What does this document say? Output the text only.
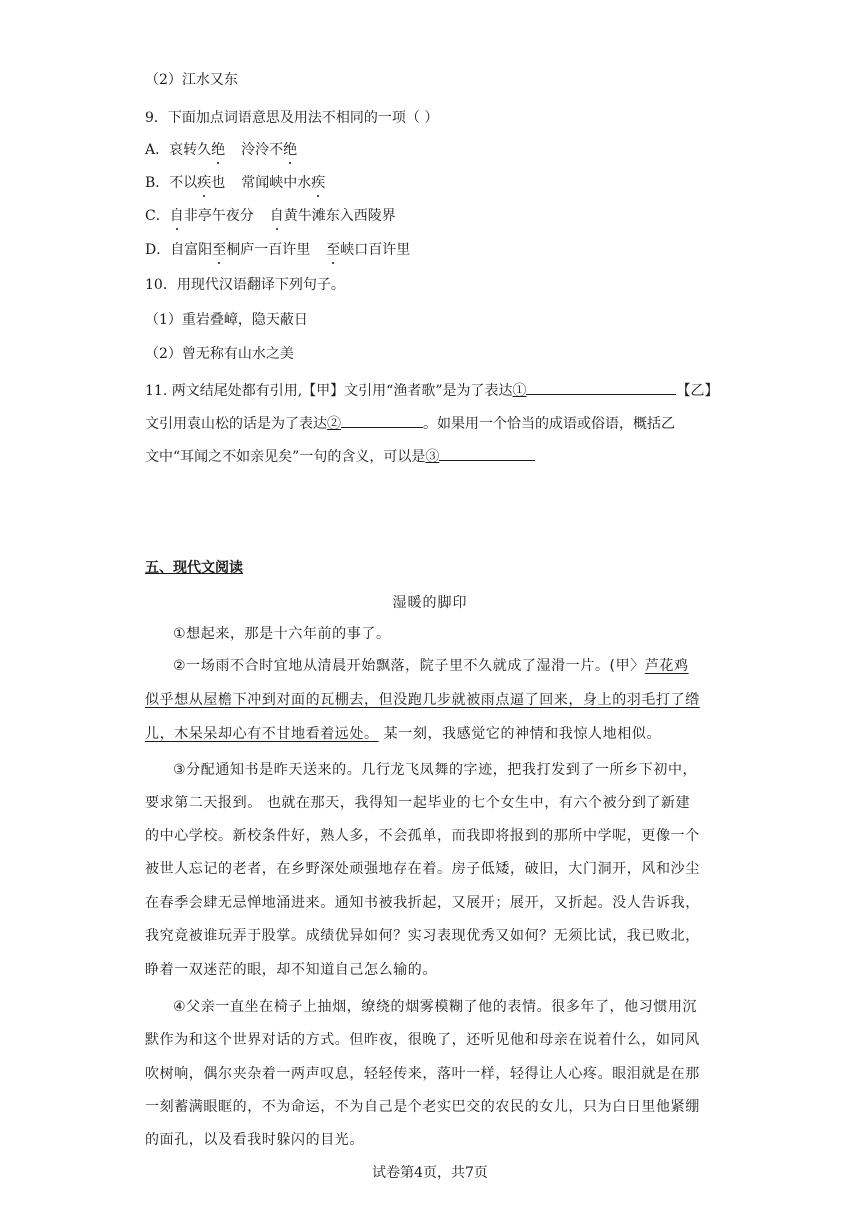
（2）江水又东
9．下面加点词语意思及用法不相同的一项（ ）
A．哀转久绝 泠泠不绝
B．不以疾也 常闻峡中水疾
C．自非亭午夜分 自黄牛滩东入西陵界
D．自富阳至桐庐一百许里 至峡口百许里
10．用现代汉语翻译下列句子。
（1）重岩叠嶂，隐天蔽日
（2）曾无称有山水之美
11. 两文结尾处都有引用,【甲】文引用“渔者歌”是为了表达①	【乙】
文引用袁山松的话是为了表达②	。如果用一个恰当的成语或俗语，概括乙
文中“耳闻之不如亲见矣”一句的含义，可以是③
五、现代文阅读
湿暖的脚印
①想起来，那是十六年前的事了。
②一场雨不合时宜地从清晨开始飘落，院子里不久就成了湿滑一片。(甲〉芦花鸡
似乎想从屋檐下冲到对面的瓦棚去，但没跑几步就被雨点逼了回来，身上的羽毛打了绺
儿，木呆呆却心有不甘地看着远处。 某一刻，我感觉它的神情和我惊人地相似。
③分配通知书是昨天送来的。几行龙飞凤舞的字迹，把我打发到了一所乡下初中，
要求第二天报到。 也就在那天，我得知一起毕业的七个女生中，有六个被分到了新建
的中心学校。新校条件好，熟人多，不会孤单，而我即将报到的那所中学呢，更像一个
被世人忘记的老者，在乡野深处顽强地存在着。房子低矮，破旧，大门洞开，风和沙尘
在春季会肆无忌惮地涌进来。通知书被我折起，又展开；展开，又折起。没人告诉我，
我究竟被谁玩弄于股掌。成绩优异如何？实习表现优秀又如何？无须比试，我已败北，
睁着一双迷茫的眼，却不知道自己怎么输的。
④父亲一直坐在椅子上抽烟，缭绕的烟雾模糊了他的表情。很多年了，他习惯用沉
默作为和这个世界对话的方式。但昨夜，很晚了，还听见他和母亲在说着什么，如同风
吹树响，偶尔夹杂着一两声叹息，轻轻传来，落叶一样，轻得让人心疼。眼泪就是在那
一刻蓄满眼眶的，不为命运，不为自己是个老实巴交的农民的女儿，只为白日里他紧绷
的面孔，以及看我时躲闪的目光。
试卷第4页，共7页
